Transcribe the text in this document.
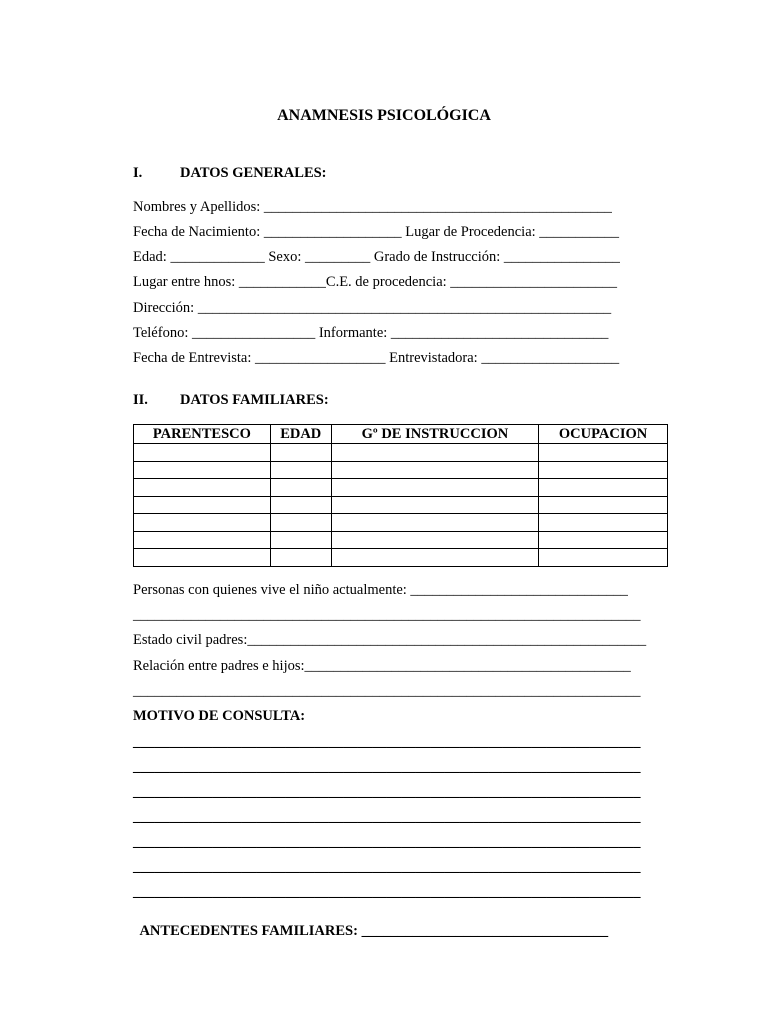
ANAMNESIS PSICOLÓGICA
I.	DATOS GENERALES:
Nombres y Apellidos: ________________________________________________
Fecha de Nacimiento: ___________________ Lugar de Procedencia: ___________
Edad: _____________ Sexo: _________ Grado de Instrucción: ________________
Lugar entre hnos: ____________C.E. de procedencia: _______________________
Dirección: _________________________________________________________
Teléfono: _________________ Informante: ______________________________
Fecha de Entrevista: __________________ Entrevistadora: ___________________
II. DATOS FAMILIARES:
PARENTESCO	EDAD	Gº DE INSTRUCCION	OCUPACION

Personas con quienes vive el niño actualmente: ______________________________
______________________________________________________________________
Estado civil padres:_______________________________________________________
Relación entre padres e hijos:_____________________________________________
______________________________________________________________________
MOTIVO DE CONSULTA:
______________________________________________________________________
______________________________________________________________________
______________________________________________________________________
______________________________________________________________________
______________________________________________________________________
______________________________________________________________________
______________________________________________________________________

ANTECEDENTES FAMILIARES: __________________________________
